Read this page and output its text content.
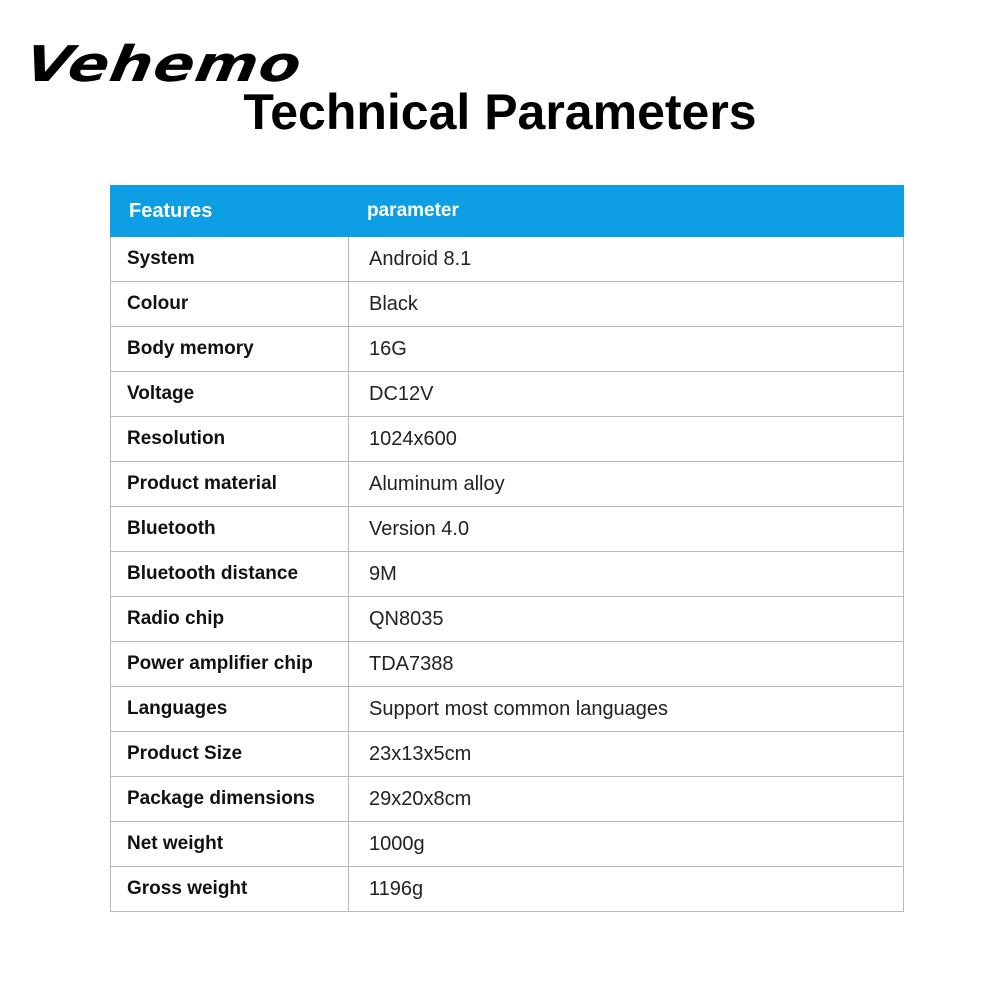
Vehemo
Technical Parameters
Features	parameter
System	Android 8.1
Colour	Black
Body memory	16G
Voltage	DC12V
Resolution	1024x600
Product material	Aluminum alloy
Bluetooth	Version 4.0
Bluetooth distance	9M
Radio chip	QN8035
Power amplifier chip	TDA7388
Languages	Support most common languages
Product Size	23x13x5cm
Package dimensions	29x20x8cm
Net weight	1000g
Gross weight	1196g
